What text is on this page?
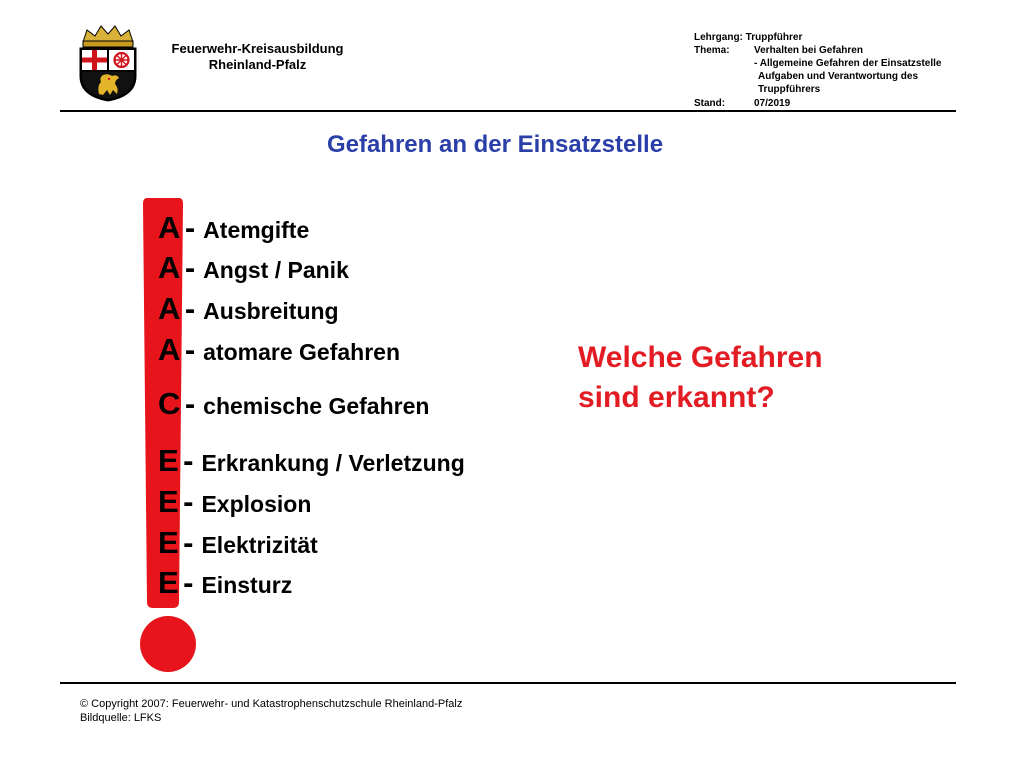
Feuerwehr-Kreisausbildung
Rheinland-Pfalz
Lehrgang: Truppführer
Thema: Verhalten bei Gefahren
- Allgemeine Gefahren der Einsatzstelle
Aufgaben und Verantwortung des
Truppführers
Stand:	07/2019
Gefahren an der Einsatzstelle
A - Atemgifte
A - Angst / Panik
A - Ausbreitung
A - atomare Gefahren
C - chemische Gefahren
E - Erkrankung / Verletzung
E - Explosion
E - Elektrizität
E - Einsturz
Welche Gefahren
sind erkannt?
© Copyright 2007: Feuerwehr- und Katastrophenschutzschule Rheinland-Pfalz
Bildquelle: LFKS
